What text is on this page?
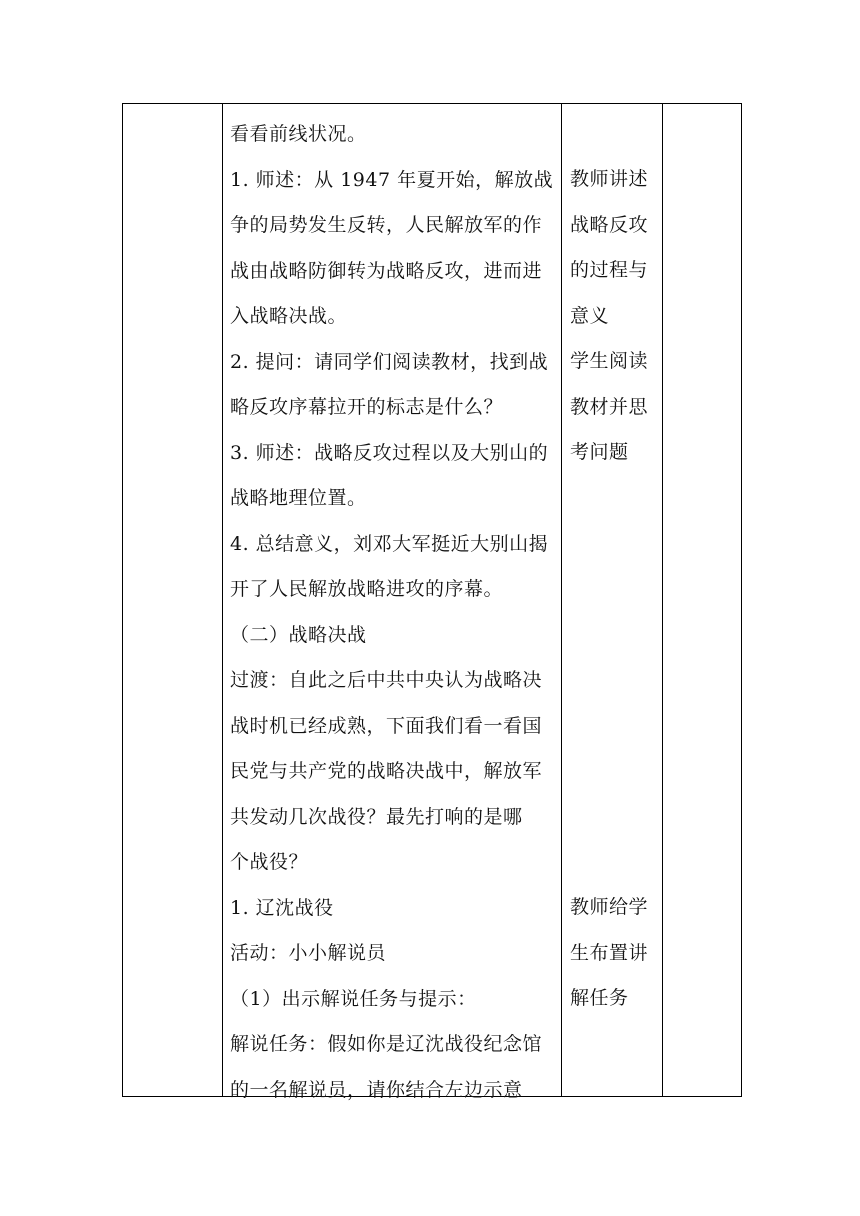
看看前线状况。
1. 师述：从 1947 年夏开始，解放战
争的局势发生反转，人民解放军的作
战由战略防御转为战略反攻，进而进
入战略决战。
2. 提问：请同学们阅读教材，找到战
略反攻序幕拉开的标志是什么？
3. 师述：战略反攻过程以及大别山的
战略地理位置。
4. 总结意义，刘邓大军挺近大别山揭
开了人民解放战略进攻的序幕。
（二）战略决战
过渡：自此之后中共中央认为战略决
战时机已经成熟，下面我们看一看国
民党与共产党的战略决战中，解放军
共发动几次战役？最先打响的是哪
个战役？
1. 辽沈战役
活动：小小解说员
（1）出示解说任务与提示：
解说任务：假如你是辽沈战役纪念馆
的一名解说员，请你结合左边示意
教师讲述
战略反攻
的过程与
意义
学生阅读
教材并思
考问题
教师给学
生布置讲
解任务
